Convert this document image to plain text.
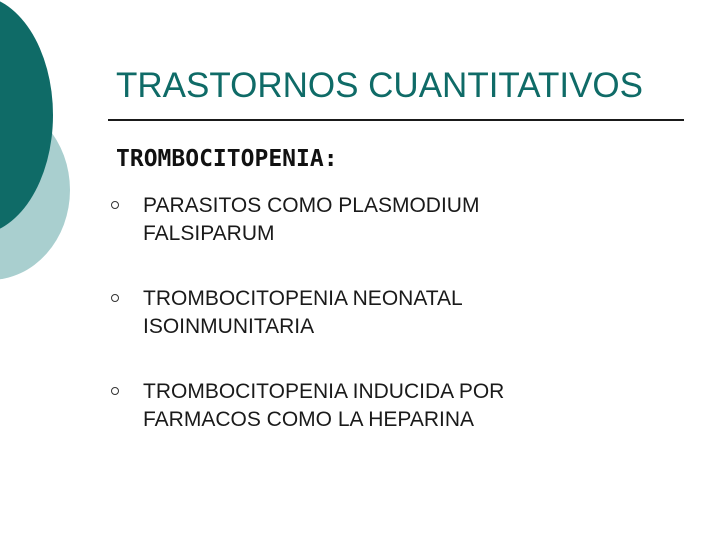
TRASTORNOS CUANTITATIVOS
TROMBOCITOPENIA:
PARASITOS COMO PLASMODIUM
FALSIPARUM
TROMBOCITOPENIA NEONATAL
ISOINMUNITARIA
TROMBOCITOPENIA INDUCIDA POR
FARMACOS COMO LA HEPARINA
